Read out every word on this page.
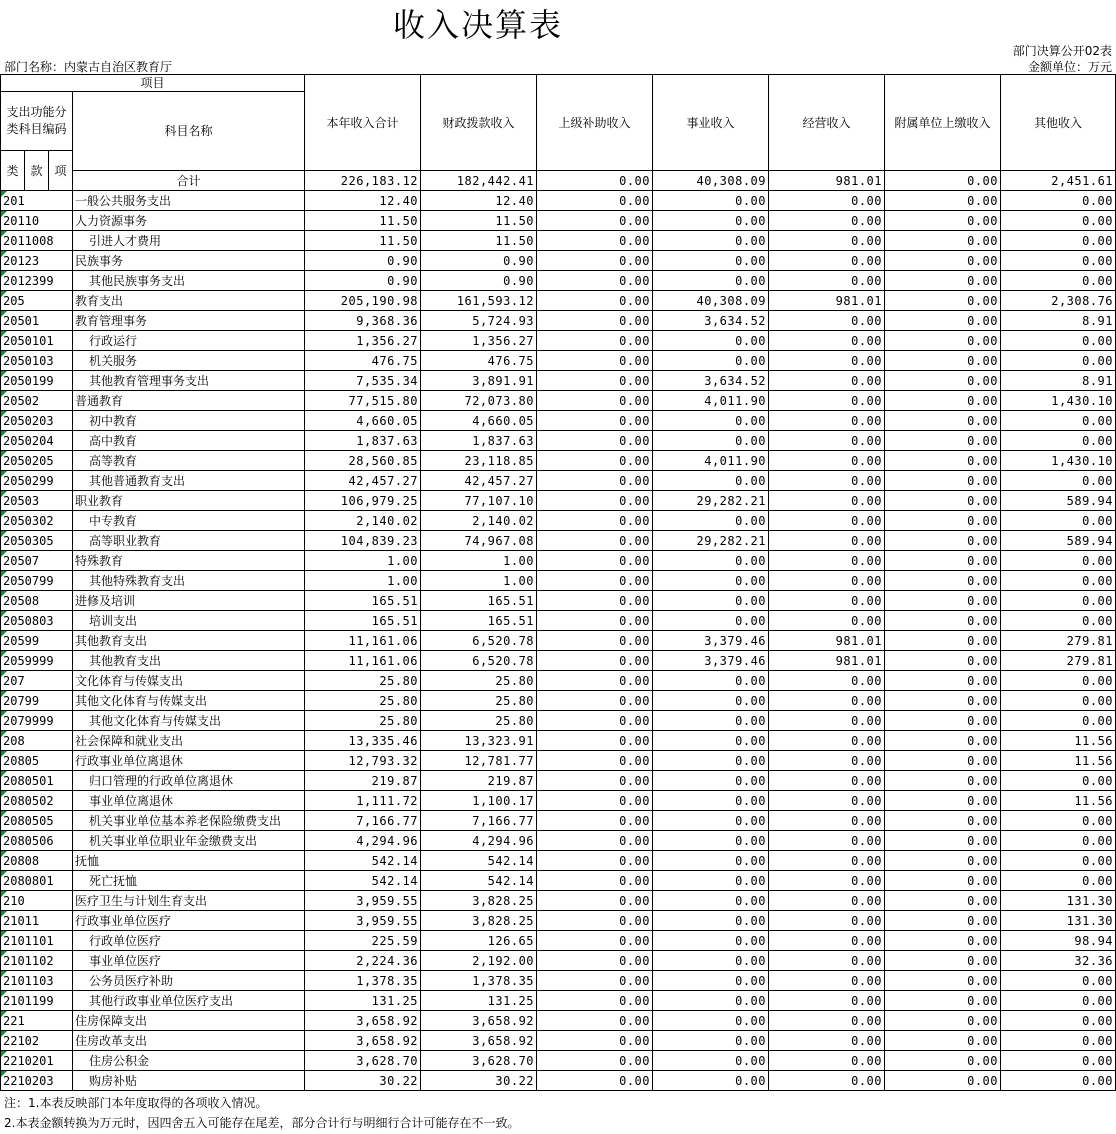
收入决算表
部门决算公开02表
部门名称：内蒙古自治区教育厅	金额单位：万元
项目				本年收入合计	财政拨款收入	上级补助收入	事业收入	经营收入	附属单位上缴收入	其他收入	
支出功能分类科目编码			科目名称								
类	款	项								
			合计	226,183.12	182,442.41	0.00	40,308.09	981.01	0.00	2,451.61	
201			一般公共服务支出	12.40	12.40	0.00	0.00	0.00	0.00	0.00	
20110			人力资源事务	11.50	11.50	0.00	0.00	0.00	0.00	0.00	
2011008			引进人才费用	11.50	11.50	0.00	0.00	0.00	0.00	0.00	
20123			民族事务	0.90	0.90	0.00	0.00	0.00	0.00	0.00	
2012399			其他民族事务支出	0.90	0.90	0.00	0.00	0.00	0.00	0.00	
205			教育支出	205,190.98	161,593.12	0.00	40,308.09	981.01	0.00	2,308.76	
20501			教育管理事务	9,368.36	5,724.93	0.00	3,634.52	0.00	0.00	8.91	
2050101			行政运行	1,356.27	1,356.27	0.00	0.00	0.00	0.00	0.00	
2050103			机关服务	476.75	476.75	0.00	0.00	0.00	0.00	0.00	
2050199			其他教育管理事务支出	7,535.34	3,891.91	0.00	3,634.52	0.00	0.00	8.91	
20502			普通教育	77,515.80	72,073.80	0.00	4,011.90	0.00	0.00	1,430.10	
2050203			初中教育	4,660.05	4,660.05	0.00	0.00	0.00	0.00	0.00	
2050204			高中教育	1,837.63	1,837.63	0.00	0.00	0.00	0.00	0.00	
2050205			高等教育	28,560.85	23,118.85	0.00	4,011.90	0.00	0.00	1,430.10	
2050299			其他普通教育支出	42,457.27	42,457.27	0.00	0.00	0.00	0.00	0.00	
20503			职业教育	106,979.25	77,107.10	0.00	29,282.21	0.00	0.00	589.94	
2050302			中专教育	2,140.02	2,140.02	0.00	0.00	0.00	0.00	0.00	
2050305			高等职业教育	104,839.23	74,967.08	0.00	29,282.21	0.00	0.00	589.94	
20507			特殊教育	1.00	1.00	0.00	0.00	0.00	0.00	0.00	
2050799			其他特殊教育支出	1.00	1.00	0.00	0.00	0.00	0.00	0.00	
20508			进修及培训	165.51	165.51	0.00	0.00	0.00	0.00	0.00	
2050803			培训支出	165.51	165.51	0.00	0.00	0.00	0.00	0.00	
20599			其他教育支出	11,161.06	6,520.78	0.00	3,379.46	981.01	0.00	279.81	
2059999			其他教育支出	11,161.06	6,520.78	0.00	3,379.46	981.01	0.00	279.81	
207			文化体育与传媒支出	25.80	25.80	0.00	0.00	0.00	0.00	0.00	
20799			其他文化体育与传媒支出	25.80	25.80	0.00	0.00	0.00	0.00	0.00	
2079999			其他文化体育与传媒支出	25.80	25.80	0.00	0.00	0.00	0.00	0.00	
208			社会保障和就业支出	13,335.46	13,323.91	0.00	0.00	0.00	0.00	11.56	
20805			行政事业单位离退休	12,793.32	12,781.77	0.00	0.00	0.00	0.00	11.56	
2080501			归口管理的行政单位离退休	219.87	219.87	0.00	0.00	0.00	0.00	0.00	
2080502			事业单位离退休	1,111.72	1,100.17	0.00	0.00	0.00	0.00	11.56	
2080505			机关事业单位基本养老保险缴费支出	7,166.77	7,166.77	0.00	0.00	0.00	0.00	0.00	
2080506			机关事业单位职业年金缴费支出	4,294.96	4,294.96	0.00	0.00	0.00	0.00	0.00	
20808			抚恤	542.14	542.14	0.00	0.00	0.00	0.00	0.00	
2080801			死亡抚恤	542.14	542.14	0.00	0.00	0.00	0.00	0.00	
210			医疗卫生与计划生育支出	3,959.55	3,828.25	0.00	0.00	0.00	0.00	131.30	
21011			行政事业单位医疗	3,959.55	3,828.25	0.00	0.00	0.00	0.00	131.30	
2101101			行政单位医疗	225.59	126.65	0.00	0.00	0.00	0.00	98.94	
2101102			事业单位医疗	2,224.36	2,192.00	0.00	0.00	0.00	0.00	32.36	
2101103			公务员医疗补助	1,378.35	1,378.35	0.00	0.00	0.00	0.00	0.00	
2101199			其他行政事业单位医疗支出	131.25	131.25	0.00	0.00	0.00	0.00	0.00	
221			住房保障支出	3,658.92	3,658.92	0.00	0.00	0.00	0.00	0.00	
22102			住房改革支出	3,658.92	3,658.92	0.00	0.00	0.00	0.00	0.00	
2210201			住房公积金	3,628.70	3,628.70	0.00	0.00	0.00	0.00	0.00	
2210203			购房补贴	30.22	30.22	0.00	0.00	0.00	0.00	0.00	
注：1.本表反映部门本年度取得的各项收入情况。
2.本表金额转换为万元时，因四舍五入可能存在尾差，部分合计行与明细行合计可能存在不一致。
